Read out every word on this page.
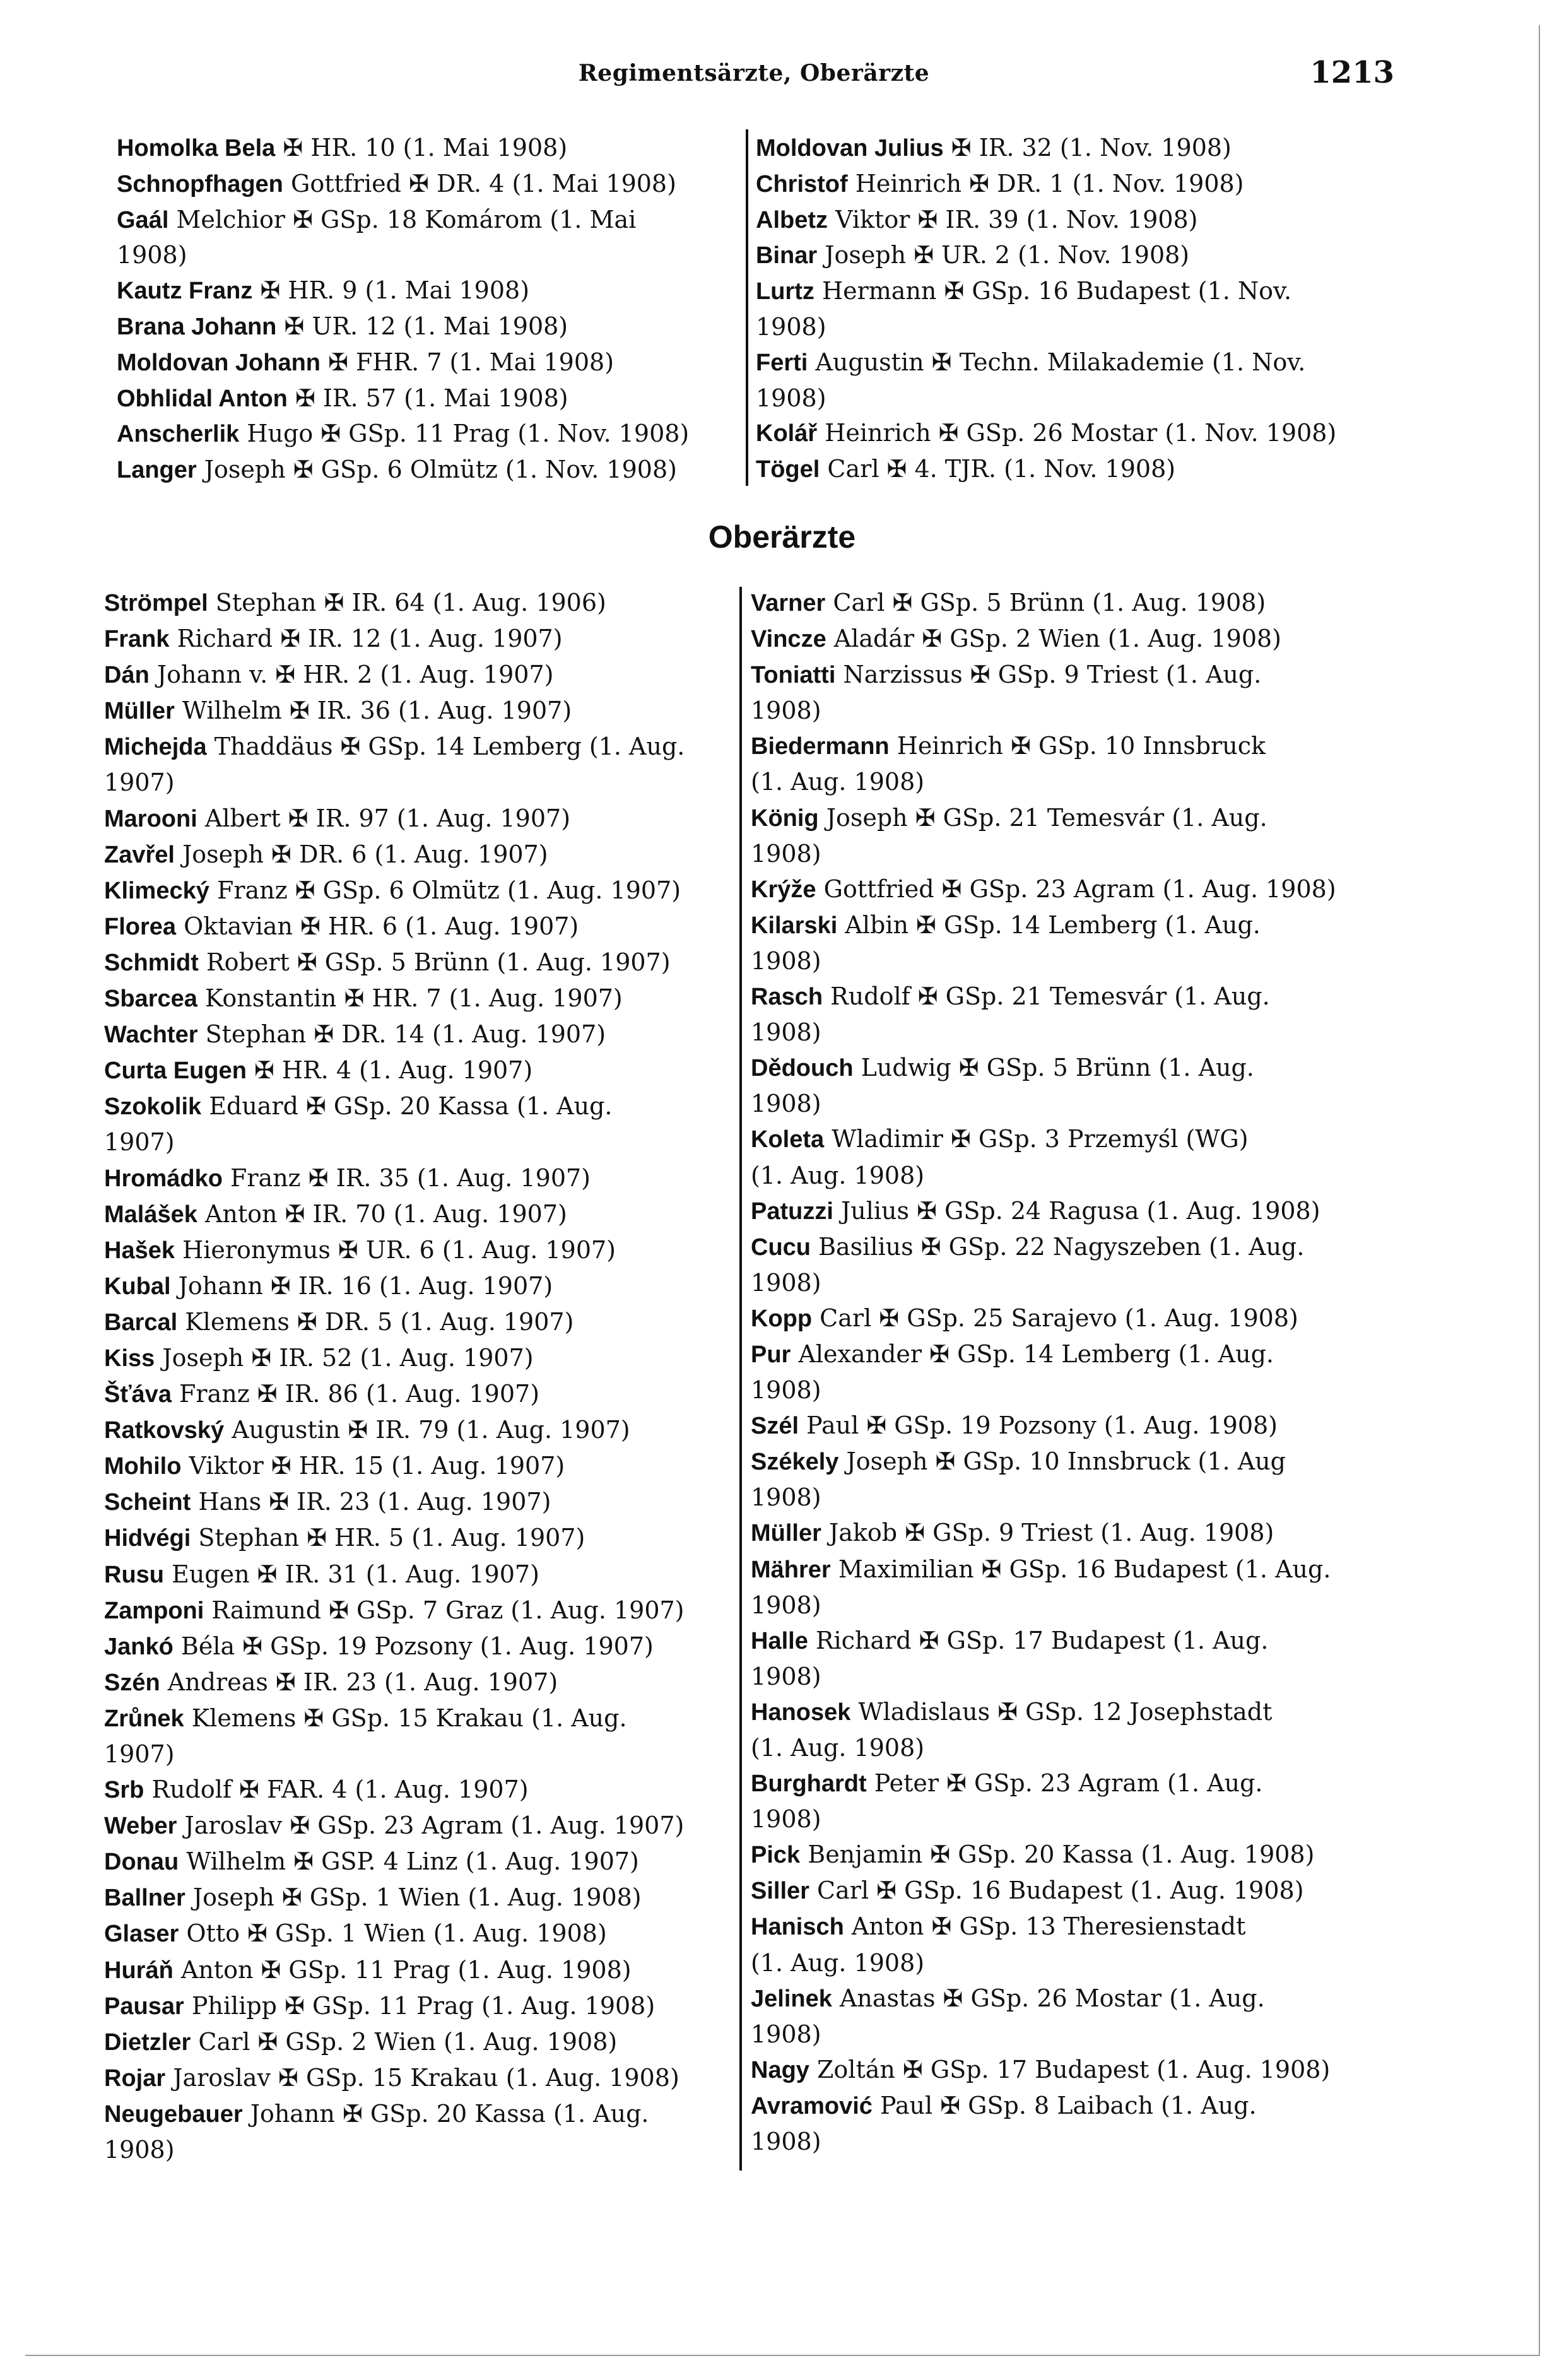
Regimentsärzte, Oberärzte	1213
Homolka Bela ✠ HR. 10 (1. Mai 1908)
Schnopfhagen Gottfried ✠ DR. 4 (1. Mai 1908)
Gaál Melchior ✠ GSp. 18 Komárom (1. Mai
1908)
Kautz Franz ✠ HR. 9 (1. Mai 1908)
Brana Johann ✠ UR. 12 (1. Mai 1908)
Moldovan Johann ✠ FHR. 7 (1. Mai 1908)
Obhlidal Anton ✠ IR. 57 (1. Mai 1908)
Anscherlik Hugo ✠ GSp. 11 Prag (1. Nov. 1908)
Langer Joseph ✠ GSp. 6 Olmütz (1. Nov. 1908)
Moldovan Julius ✠ IR. 32 (1. Nov. 1908)
Christof Heinrich ✠ DR. 1 (1. Nov. 1908)
Albetz Viktor ✠ IR. 39 (1. Nov. 1908)
Binar Joseph ✠ UR. 2 (1. Nov. 1908)
Lurtz Hermann ✠ GSp. 16 Budapest (1. Nov.
1908)
Ferti Augustin ✠ Techn. Milakademie (1. Nov.
1908)
Kolář Heinrich ✠ GSp. 26 Mostar (1. Nov. 1908)
Tögel Carl ✠ 4. TJR. (1. Nov. 1908)
Oberärzte
Strömpel Stephan ✠ IR. 64 (1. Aug. 1906)
Frank Richard ✠ IR. 12 (1. Aug. 1907)
Dán Johann v. ✠ HR. 2 (1. Aug. 1907)
Müller Wilhelm ✠ IR. 36 (1. Aug. 1907)
Michejda Thaddäus ✠ GSp. 14 Lemberg (1. Aug.
1907)
Marooni Albert ✠ IR. 97 (1. Aug. 1907)
Zavřel Joseph ✠ DR. 6 (1. Aug. 1907)
Klimecký Franz ✠ GSp. 6 Olmütz (1. Aug. 1907)
Florea Oktavian ✠ HR. 6 (1. Aug. 1907)
Schmidt Robert ✠ GSp. 5 Brünn (1. Aug. 1907)
Sbarcea Konstantin ✠ HR. 7 (1. Aug. 1907)
Wachter Stephan ✠ DR. 14 (1. Aug. 1907)
Curta Eugen ✠ HR. 4 (1. Aug. 1907)
Szokolik Eduard ✠ GSp. 20 Kassa (1. Aug.
1907)
Hromádko Franz ✠ IR. 35 (1. Aug. 1907)
Malášek Anton ✠ IR. 70 (1. Aug. 1907)
Hašek Hieronymus ✠ UR. 6 (1. Aug. 1907)
Kubal Johann ✠ IR. 16 (1. Aug. 1907)
Barcal Klemens ✠ DR. 5 (1. Aug. 1907)
Kiss Joseph ✠ IR. 52 (1. Aug. 1907)
Šťáva Franz ✠ IR. 86 (1. Aug. 1907)
Ratkovský Augustin ✠ IR. 79 (1. Aug. 1907)
Mohilo Viktor ✠ HR. 15 (1. Aug. 1907)
Scheint Hans ✠ IR. 23 (1. Aug. 1907)
Hidvégi Stephan ✠ HR. 5 (1. Aug. 1907)
Rusu Eugen ✠ IR. 31 (1. Aug. 1907)
Zamponi Raimund ✠ GSp. 7 Graz (1. Aug. 1907)
Jankó Béla ✠ GSp. 19 Pozsony (1. Aug. 1907)
Szén Andreas ✠ IR. 23 (1. Aug. 1907)
Zrůnek Klemens ✠ GSp. 15 Krakau (1. Aug.
1907)
Srb Rudolf ✠ FAR. 4 (1. Aug. 1907)
Weber Jaroslav ✠ GSp. 23 Agram (1. Aug. 1907)
Donau Wilhelm ✠ GSP. 4 Linz (1. Aug. 1907)
Ballner Joseph ✠ GSp. 1 Wien (1. Aug. 1908)
Glaser Otto ✠ GSp. 1 Wien (1. Aug. 1908)
Huráň Anton ✠ GSp. 11 Prag (1. Aug. 1908)
Pausar Philipp ✠ GSp. 11 Prag (1. Aug. 1908)
Dietzler Carl ✠ GSp. 2 Wien (1. Aug. 1908)
Rojar Jaroslav ✠ GSp. 15 Krakau (1. Aug. 1908)
Neugebauer Johann ✠ GSp. 20 Kassa (1. Aug.
1908)
Varner Carl ✠ GSp. 5 Brünn (1. Aug. 1908)
Vincze Aladár ✠ GSp. 2 Wien (1. Aug. 1908)
Toniatti Narzissus ✠ GSp. 9 Triest (1. Aug.
1908)
Biedermann Heinrich ✠ GSp. 10 Innsbruck
(1. Aug. 1908)
König Joseph ✠ GSp. 21 Temesvár (1. Aug.
1908)
Krýže Gottfried ✠ GSp. 23 Agram (1. Aug. 1908)
Kilarski Albin ✠ GSp. 14 Lemberg (1. Aug.
1908)
Rasch Rudolf ✠ GSp. 21 Temesvár (1. Aug.
1908)
Dědouch Ludwig ✠ GSp. 5 Brünn (1. Aug.
1908)
Koleta Wladimir ✠ GSp. 3 Przemyśl (WG)
(1. Aug. 1908)
Patuzzi Julius ✠ GSp. 24 Ragusa (1. Aug. 1908)
Cucu Basilius ✠ GSp. 22 Nagyszeben (1. Aug.
1908)
Kopp Carl ✠ GSp. 25 Sarajevo (1. Aug. 1908)
Pur Alexander ✠ GSp. 14 Lemberg (1. Aug.
1908)
Szél Paul ✠ GSp. 19 Pozsony (1. Aug. 1908)
Székely Joseph ✠ GSp. 10 Innsbruck (1. Aug
1908)
Müller Jakob ✠ GSp. 9 Triest (1. Aug. 1908)
Mährer Maximilian ✠ GSp. 16 Budapest (1. Aug.
1908)
Halle Richard ✠ GSp. 17 Budapest (1. Aug.
1908)
Hanosek Wladislaus ✠ GSp. 12 Josephstadt
(1. Aug. 1908)
Burghardt Peter ✠ GSp. 23 Agram (1. Aug.
1908)
Pick Benjamin ✠ GSp. 20 Kassa (1. Aug. 1908)
Siller Carl ✠ GSp. 16 Budapest (1. Aug. 1908)
Hanisch Anton ✠ GSp. 13 Theresienstadt
(1. Aug. 1908)
Jelinek Anastas ✠ GSp. 26 Mostar (1. Aug.
1908)
Nagy Zoltán ✠ GSp. 17 Budapest (1. Aug. 1908)
Avramović Paul ✠ GSp. 8 Laibach (1. Aug.
1908)
